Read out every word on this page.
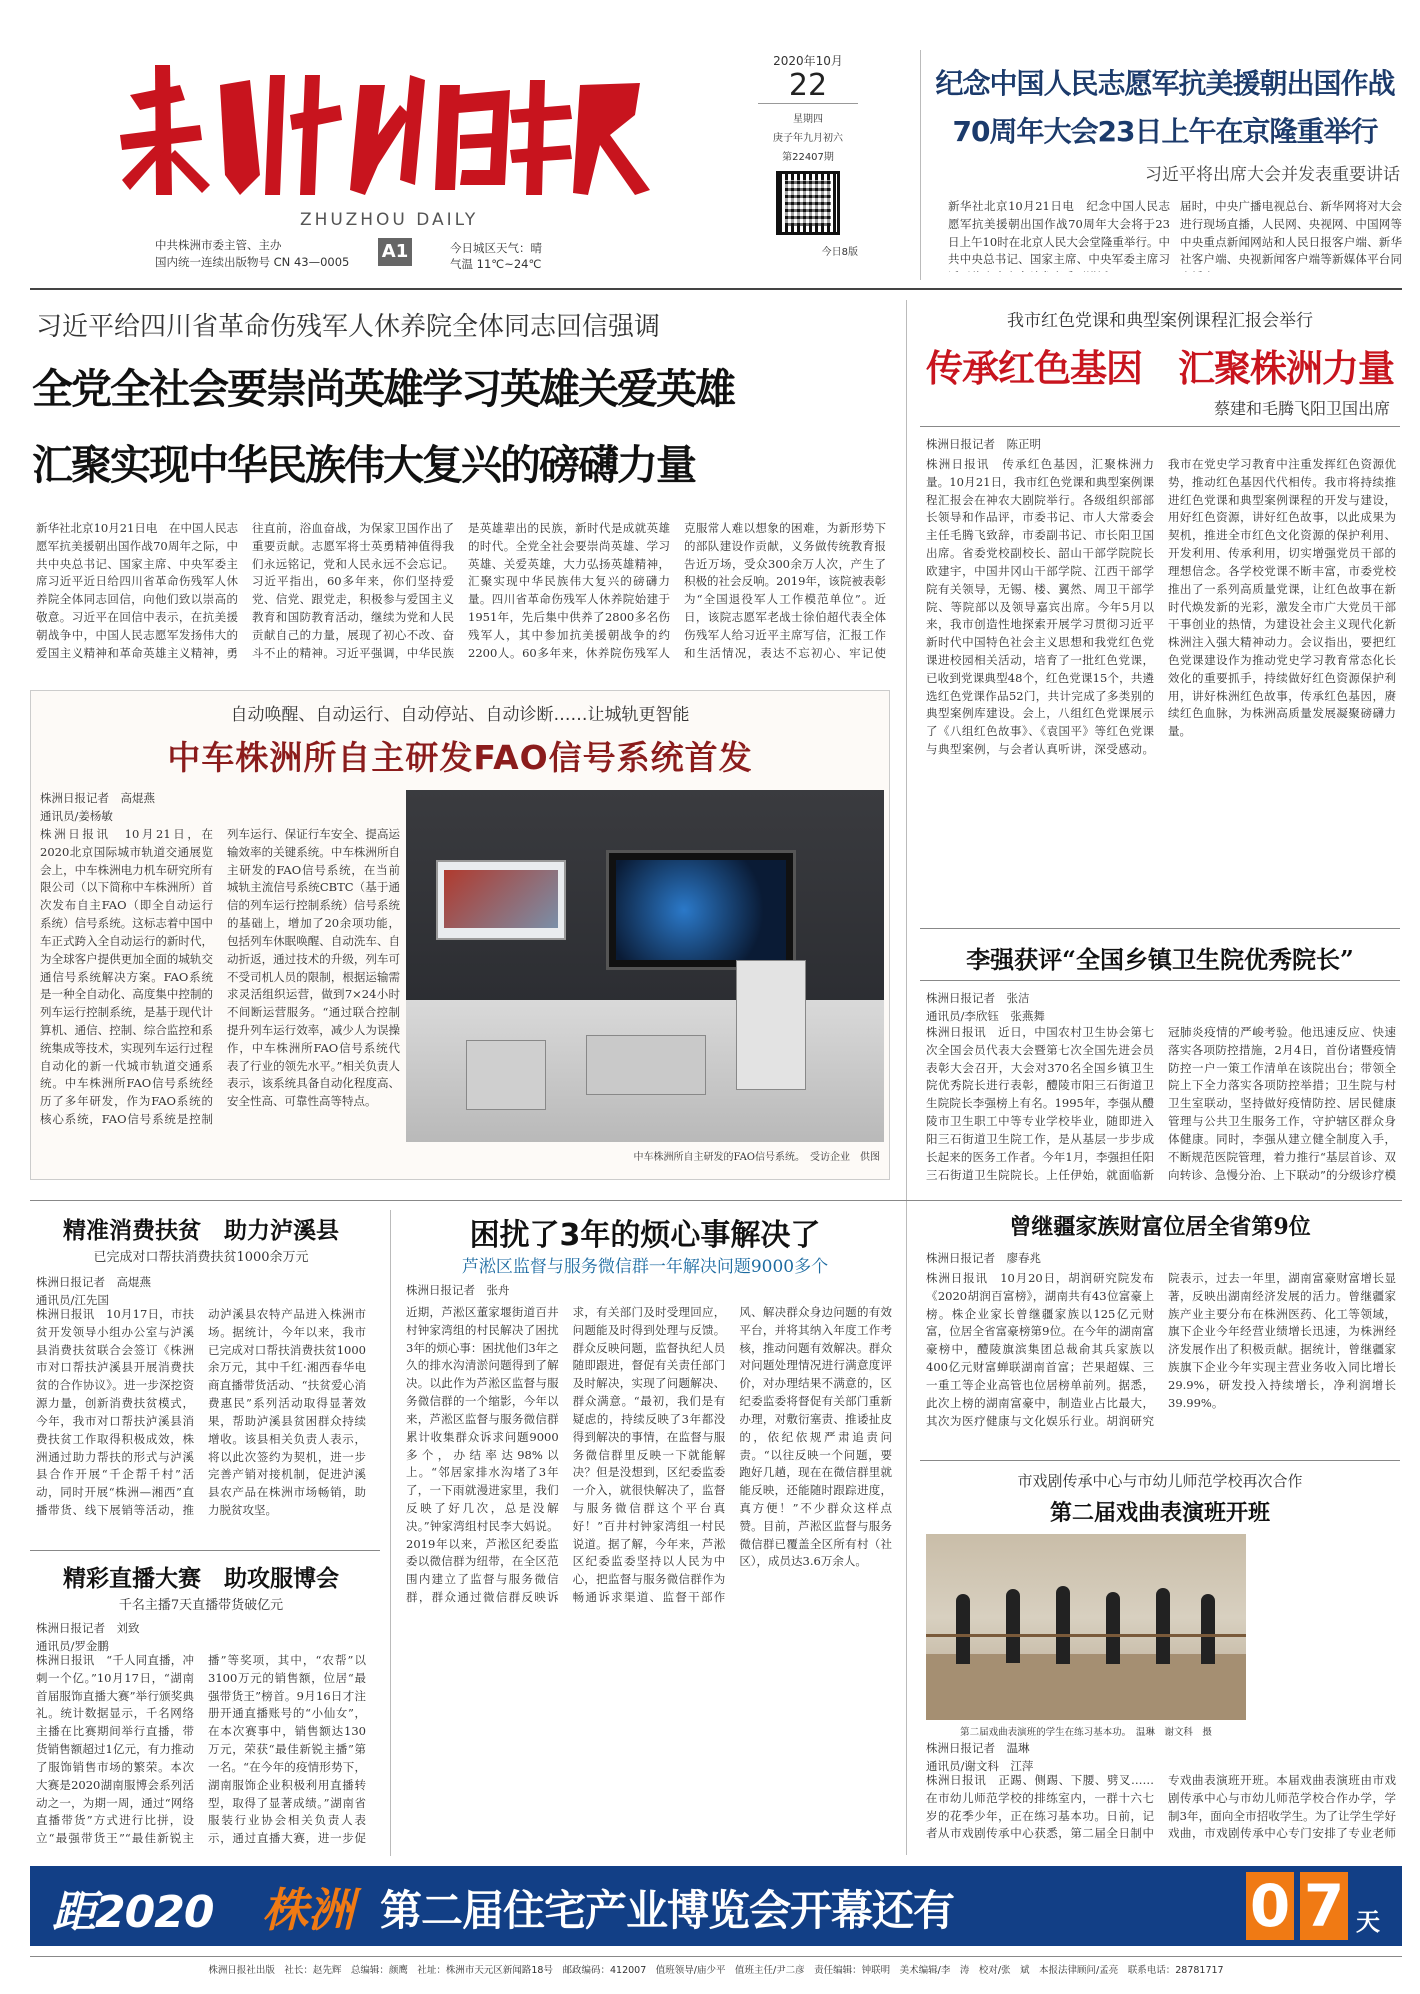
ZHUZHOU DAILY
中共株洲市委主管、主办
国内统一连续出版物号 CN 43—0005 A1	今日城区天气：晴
气温 11℃~24℃
2020年10月
22
星期四
庚子年九月初六
第22407期
今日8版
纪念中国人民志愿军抗美援朝出国作战
70周年大会23日上午在京隆重举行
习近平将出席大会并发表重要讲话
新华社北京10月21日电　纪念中国人民志愿军抗美援朝出国作战70周年大会将于23日上午10时在北京人民大会堂隆重举行。中共中央总书记、国家主席、中央军委主席习
届时，中央广播电视总台、新华网将对大会进行现场直播，人民网、央视网、中国网等中央重点新闻网站和人民日报客户端、新华社客户端、央视新闻客户端等新媒体平台同
习近平给四川省革命伤残军人休养院全体同志回信强调
全党全社会要崇尚英雄学习英雄关爱英雄
汇聚实现中华民族伟大复兴的磅礴力量
新华社北京10月21日电　在中国人民志愿军抗美援朝出国作战70周年之际，中共中央总书记、国家主席、中央军委主席习近平近日给四川省革命伤残军人休养院全体同志回信，向他们致以崇高的敬意。习近平在回信中表示，在抗美援朝战争中，中国人民志愿军发扬伟大的爱国主义精神和革命英雄主义精神，勇往直前，浴血奋战，为保家卫国作出了重要贡献。志愿军将士英勇精神值得我们永远铭记，党和人民永远不会忘记。习近平指出，60多年来，你们坚持爱党、信党、跟党走，积极参与爱国主义教育和国防教育活动，继续为党和人民贡献自己的力量，展现了初心不改、奋斗不止的精神。习近平强调，中华民族是英雄辈出的民族，新时代是成就英雄的时代。全党全社会要崇尚英雄、学习英雄、关爱英雄，大力弘扬英雄精神，汇聚实现中华民族伟大复兴的磅礴力量。四川省革命伤残军人休养院始建于1951年，先后集中供养了2800多名伤残军人，其中参加抗美援朝战争的约2200人。60多年来，休养院伤残军人克服常人难以想象的困难，为新形势下的部队建设作贡献，义务做传统教育报告近万场，受众300余万人次，产生了积极的社会反响。2019年，该院被表彰为“全国退役军人工作模范单位”。近日，该院志愿军老战士徐伯超代表全体伤残军人给习近平主席写信，汇报工作和生活情况，表达不忘初心、牢记使
我市红色党课和典型案例课程汇报会举行
传承红色基因　汇聚株洲力量
蔡建和毛腾飞阳卫国出席
株洲日报记者　陈正明
株洲日报讯　传承红色基因，汇聚株洲力量。10月21日，我市红色党课和典型案例课程汇报会在神农大剧院举行。各级组织部部长领导和作品评，市委书记、市人大常委会主任毛腾飞致辞，市委副书记、市长阳卫国出席。省委党校副校长、韶山干部学院院长欧建宇，中国井冈山干部学院、江西干部学院有关领导，无锡、楼、翼然、周卫干部学院、等院部以及领导嘉宾出席。今年5月以来，我市创造性地探索开展学习贯彻习近平新时代中国特色社会主义思想和我党红色党课进校园相关活动，培育了一批红色党课，已收到党课典型48个，红色党课15个，共遴选红色党课作品52门，共计完成了多类别的典型案例库建设。会上，八组红色党课展示了《八组红色故事》、《袁国平》等红色党课与典型案例，与会者认真听讲，深受感动。我市在党史学习教育中注重发挥红色资源优势，推动红色基因代代相传。我市将持续推进红色党课和典型案例课程的开发与建设，用好红色资源，讲好红色故事，以此成果为契机，推进全市红色文化资源的保护利用、开发利用、传承利用，切实增强党员干部的理想信念。各学校党课不断丰富，市委党校推出了一系列高质量党课，让红色故事在新时代焕发新的光彩，激发全市广大党员干部干事创业的热情，为建设社会主义现代化新株洲注入强大精神动力。会议指出，要把红色党课建设作为推动党史学习教育常态化长效化的重要抓手，持续做好红色资源保护利用，讲好株洲红色故事，传承红色基因，赓续红色血脉，为株洲高质量发展凝聚磅礴力量。
自动唤醒、自动运行、自动停站、自动诊断……让城轨更智能
中车株洲所自主研发FAO信号系统首发
株洲日报记者　高焜燕
通讯员/姜杨敏
株洲日报讯　10月21日，在2020北京国际城市轨道交通展览会上，中车株洲电力机车研究所有限公司（以下简称中车株洲所）首次发布自主FAO（即全自动运行系统）信号系统。这标志着中国中车正式跨入全自动运行的新时代，为全球客户提供更加全面的城轨交通信号系统解决方案。FAO系统是一种全自动化、高度集中控制的列车运行控制系统，是基于现代计算机、通信、控制、综合监控和系统集成等技术，实现列车运行过程自动化的新一代城市轨道交通系统。中车株洲所FAO信号系统经历了多年研发，作为FAO系统的核心系统，FAO信号系统是控制列车运行、保证行车安全、提高运输效率的关键系统。中车株洲所自主研发的FAO信号系统，在当前城轨主流信号系统CBTC（基于通信的列车运行控制系统）信号系统的基础上，增加了20余项功能，包括列车休眠唤醒、自动洗车、自动折返，通过技术的升级，列车可不受司机人员的限制，根据运输需求灵活组织运营，做到7×24小时不间断运营服务。“通过联合控制提升列车运行效率，减少人为误操作，中车株洲所FAO信号系统代表了行业的领先水平。”相关负责人表示，该系统具备自动化程度高、安全性高、可靠性高等特点。
中车株洲所自主研发的FAO信号系统。　受访企业　供图
李强获评“全国乡镇卫生院优秀院长”
株洲日报记者　张洁
通讯员/李欣钰　张燕舞
株洲日报讯　近日，中国农村卫生协会第七次全国会员代表大会暨第七次全国先进会员表彰大会召开，大会对370名全国乡镇卫生院优秀院长进行表彰，醴陵市阳三石街道卫生院院长李强榜上有名。1995年，李强从醴陵市卫生职工中等专业学校毕业，随即进入阳三石街道卫生院工作，是从基层一步步成长起来的医务工作者。今年1月，李强担任阳三石街道卫生院院长。上任伊始，就面临新冠肺炎疫情的严峻考验。他迅速反应、快速落实各项防控措施，2月4日，首份诸暨疫情防控一户一策工作清单在该院出台；带领全院上下全力落实各项防控举措；卫生院与村卫生室联动，坚持做好疫情防控、居民健康管理与公共卫生服务工作，守护辖区群众身体健康。同时，李强从建立健全制度入手，不断规范医院管理，着力推行“基层首诊、双向转诊、急慢分治、上下联动”的分级诊疗模
精准消费扶贫　助力泸溪县
已完成对口帮扶消费扶贫1000余万元
株洲日报记者　高焜燕
通讯员/江先国
株洲日报讯　10月17日，市扶贫开发领导小组办公室与泸溪县消费扶贫联合会签订《株洲市对口帮扶泸溪县开展消费扶贫的合作协议》。进一步深挖资源力量，创新消费扶贫模式，今年，我市对口帮扶泸溪县消费扶贫工作取得积极成效，株洲通过助力帮扶的形式与泸溪县合作开展“千企帮千村”活动，同时开展“株洲—湘西”直播带货、线下展销等活动，推动泸溪县农特产品进入株洲市场。据统计，今年以来，我市已完成对口帮扶消费扶贫1000余万元，其中千红·湘西春华电商直播带货活动、“扶贫爱心消费惠民”系列活动取得显著效果，帮助泸溪县贫困群众持续增收。该县相关负责人表示，将以此次签约为契机，进一步完善产销对接机制，促进泸溪县农产品在株洲市场畅销，助力脱贫攻坚。
精彩直播大赛　助攻服博会
千名主播7天直播带货破亿元
株洲日报记者　刘致
通讯员/罗金鹏
株洲日报讯　“千人同直播，冲刺一个亿。”10月17日，“湖南首届服饰直播大赛”举行颁奖典礼。统计数据显示，千名网络主播在比赛期间举行直播，带货销售额超过1亿元，有力推动了服饰销售市场的繁荣。本次大赛是2020湖南服博会系列活动之一，为期一周，通过“网络直播带货”方式进行比拼，设立“最强带货王”“最佳新锐主播”等奖项，其中，“农帮”以3100万元的销售额，位居“最强带货王”榜首。9月16日才注册开通直播账号的“小仙女”，在本次赛事中，销售额达130万元，荣获“最佳新锐主播”第一名。“在今年的疫情形势下，湖南服饰企业积极利用直播转型，取得了显著成绩。”湖南省服装行业协会相关负责人表示，通过直播大赛，进一步促
困扰了3年的烦心事解决了
芦淞区监督与服务微信群一年解决问题9000多个
株洲日报记者　张舟
近期，芦淞区董家堰街道百井村钟家湾组的村民解决了困扰3年的烦心事：困扰他们3年之久的排水沟清淤问题得到了解决。以此作为芦淞区监督与服务微信群的一个缩影，今年以来，芦淞区监督与服务微信群累计收集群众诉求问题9000多个，办结率达98%以上。“邻居家排水沟堵了3年了，一下雨就漫进家里，我们反映了好几次，总是没解决。”钟家湾组村民李大妈说。2019年以来，芦淞区纪委监委以微信群为纽带，在全区范围内建立了监督与服务微信群，群众通过微信群反映诉求，有关部门及时受理回应，问题能及时得到处理与反馈。群众反映问题，监督执纪人员随即跟进，督促有关责任部门及时解决，实现了问题解决、群众满意。“最初，我们是有疑虑的，持续反映了3年都没得到解决的事情，在监督与服务微信群里反映一下就能解决？但是没想到，区纪委监委一介入，就很快解决了，监督与服务微信群这个平台真好！”百井村钟家湾组一村民说道。据了解，今年来，芦淞区纪委监委坚持以人民为中心，把监督与服务微信群作为畅通诉求渠道、监督干部作风、解决群众身边问题的有效平台，并将其纳入年度工作考核，推动问题有效解决。群众对问题处理情况进行满意度评价，对办理结果不满意的，区纪委监委将督促有关部门重新办理，对敷衍塞责、推诿扯皮的，依纪依规严肃追责问责。“以往反映一个问题，要跑好几趟，现在在微信群里就能反映，还能随时跟踪进度，真方便！”不少群众这样点赞。目前，芦淞区监督与服务微信群已覆盖全区所有村（社区），成员达3.6万余人。
曾继疆家族财富位居全省第9位
株洲日报记者　廖春兆
株洲日报讯　10月20日，胡润研究院发布《2020胡润百富榜》，湖南共有43位富豪上榜。株企业家长曾继疆家族以125亿元财富，位居全省富豪榜第9位。在今年的湖南富豪榜中，醴陵旗滨集团总裁俞其兵家族以400亿元财富蝉联湖南首富；芒果超媒、三一重工等企业高管也位居榜单前列。据悉，此次上榜的湖南富豪中，制造业占比最大，其次为医疗健康与文化娱乐行业。胡润研究院表示，过去一年里，湖南富豪财富增长显著，反映出湖南经济发展的活力。曾继疆家族产业主要分布在株洲医药、化工等领域，旗下企业今年经营业绩增长迅速，为株洲经济发展作出了积极贡献。据统计，曾继疆家族旗下企业今年实现主营业务收入同比增长29.9%，研发投入持续增长，净利润增长39.99%。
市戏剧传承中心与市幼儿师范学校再次合作
第二届戏曲表演班开班
第二届戏曲表演班的学生在练习基本功。　温琳　谢文科　摄
株洲日报记者　温琳
通讯员/谢文科　江萍
株洲日报讯　正踢、侧踢、下腰、劈叉……在市幼儿师范学校的排练室内，一群十六七岁的花季少年，正在练习基本功。日前，记者从市戏剧传承中心获悉，第二届全日制中专戏曲表演班开班。本届戏曲表演班由市戏剧传承中心与市幼儿师范学校合作办学，学制3年，面向全市招收学生。为了让学生学好戏曲，市戏剧传承中心专门安排了专业老师
距2020 株洲 第二届住宅产业博览会开幕还有	0 7 天
株洲日报社出版　社长：赵先辉　总编辑：颜鹰　社址：株洲市天元区新闻路18号　邮政编码：412007　值班领导/庙少平　值班主任/尹二彦　责任编辑：钟联明　美术编辑/李　涛　校对/张　斌　本报法律顾问/孟亮　联系电话：28781717
